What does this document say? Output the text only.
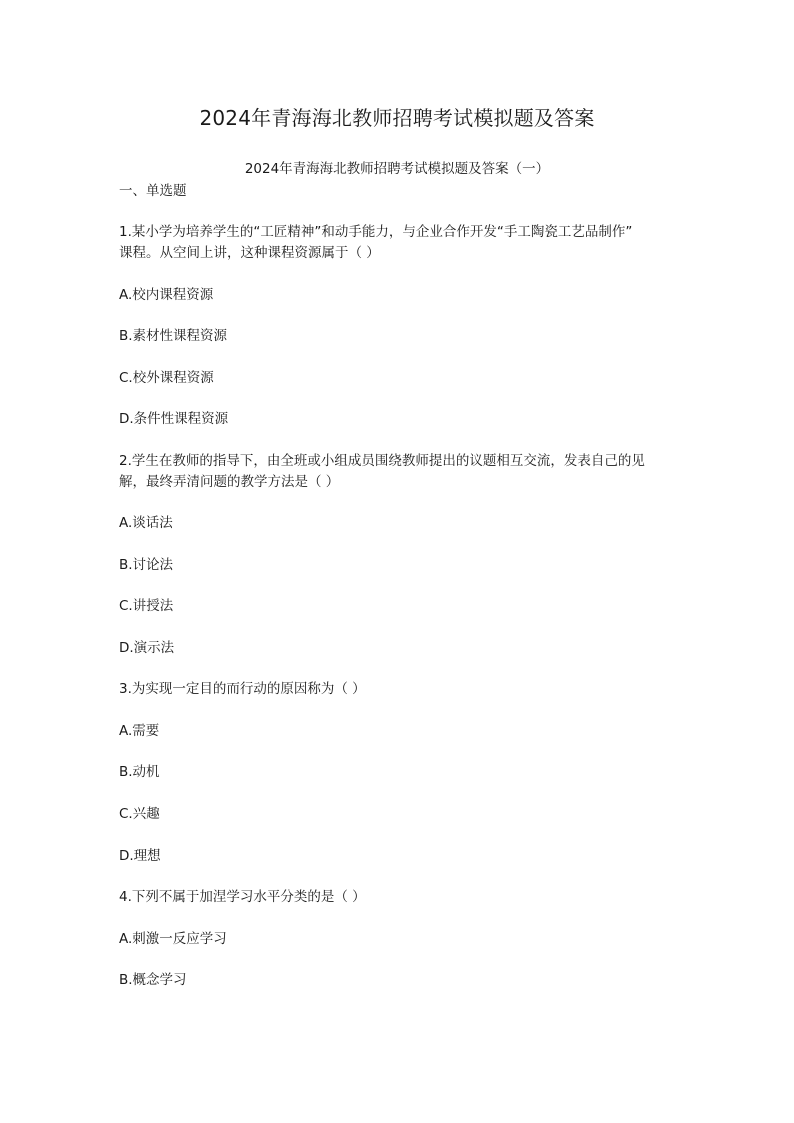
2024年青海海北教师招聘考试模拟题及答案
2024年青海海北教师招聘考试模拟题及答案（一）
一、单选题
1.某小学为培养学生的“工匠精神”和动手能力，与企业合作开发“手工陶瓷工艺品制作”
课程。从空间上讲，这种课程资源属于（ ）
A.校内课程资源
B.素材性课程资源
C.校外课程资源
D.条件性课程资源
2.学生在教师的指导下，由全班或小组成员围绕教师提出的议题相互交流，发表自己的见
解，最终弄清问题的教学方法是（ ）
A.谈话法
B.讨论法
C.讲授法
D.演示法
3.为实现一定目的而行动的原因称为（ ）
A.需要
B.动机
C.兴趣
D.理想
4.下列不属于加涅学习水平分类的是（ ）
A.刺激一反应学习
B.概念学习
